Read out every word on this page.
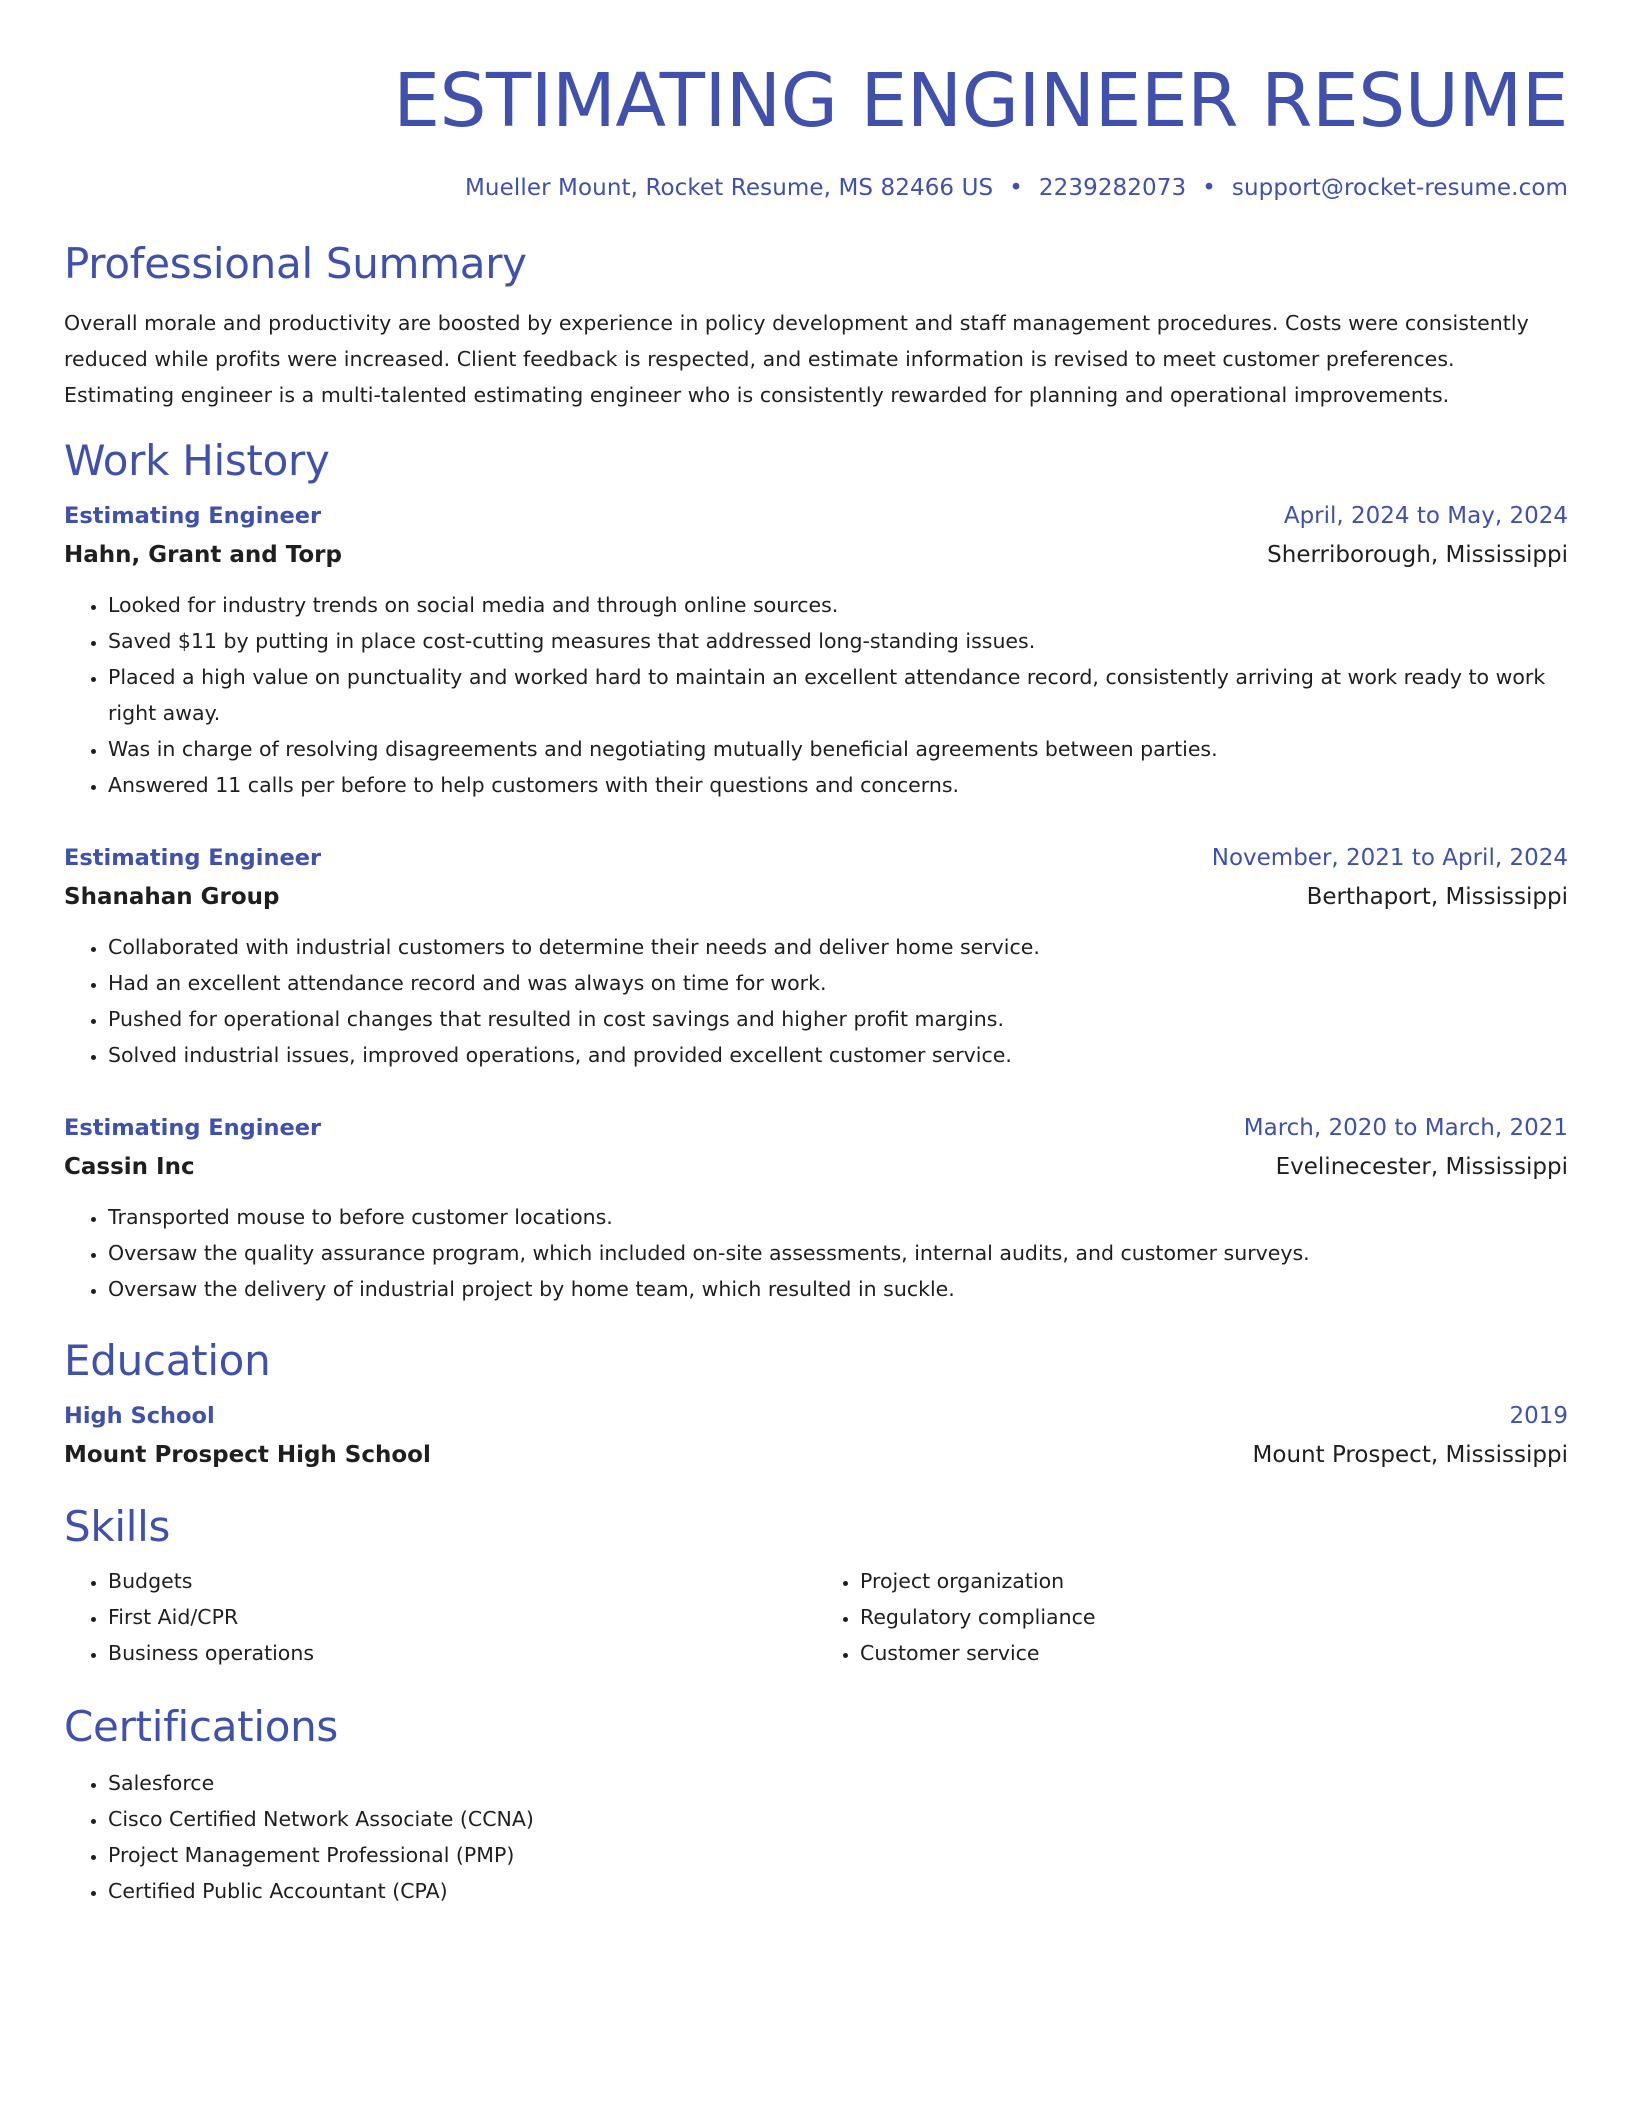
ESTIMATING ENGINEER RESUME
Mueller Mount, Rocket Resume, MS 82466 US • 2239282073 • support@rocket-resume.com
Professional Summary
Overall morale and productivity are boosted by experience in policy development and staff management procedures. Costs were consistently reduced while profits were increased. Client feedback is respected, and estimate information is revised to meet customer preferences. Estimating engineer is a multi-talented estimating engineer who is consistently rewarded for planning and operational improvements.
Work History
Estimating Engineer	April, 2024 to May, 2024
Hahn, Grant and Torp	Sherriborough, Mississippi
• Looked for industry trends on social media and through online sources.
• Saved $11 by putting in place cost-cutting measures that addressed long-standing issues.
• Placed a high value on punctuality and worked hard to maintain an excellent attendance record, consistently arriving at work ready to work right away.
• Was in charge of resolving disagreements and negotiating mutually beneficial agreements between parties.
• Answered 11 calls per before to help customers with their questions and concerns.
Estimating Engineer	November, 2021 to April, 2024
Shanahan Group	Berthaport, Mississippi
• Collaborated with industrial customers to determine their needs and deliver home service.
• Had an excellent attendance record and was always on time for work.
• Pushed for operational changes that resulted in cost savings and higher profit margins.
• Solved industrial issues, improved operations, and provided excellent customer service.
Estimating Engineer	March, 2020 to March, 2021
Cassin Inc	Evelinecester, Mississippi
• Transported mouse to before customer locations.
• Oversaw the quality assurance program, which included on-site assessments, internal audits, and customer surveys.
• Oversaw the delivery of industrial project by home team, which resulted in suckle.
Education
High School	2019
Mount Prospect High School	Mount Prospect, Mississippi
Skills
• Budgets
• First Aid/CPR
• Business operations
• Project organization
• Regulatory compliance
• Customer service
Certifications
• Salesforce
• Cisco Certified Network Associate (CCNA)
• Project Management Professional (PMP)
• Certified Public Accountant (CPA)
